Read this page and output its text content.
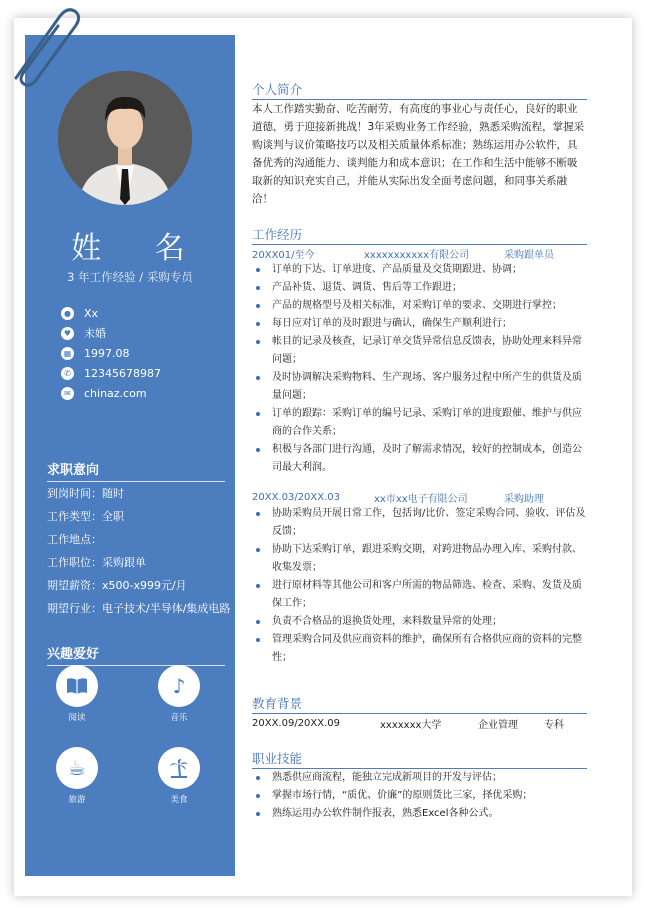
姓 名
3 年工作经验 / 采购专员
● Xx
♥ 未婚
▦ 1997.08
✆ 12345678987
✉ chinaz.com
求职意向
到岗时间：随时
工作类型：全职
工作地点：
工作职位：采购跟单
期望薪资：x500-x999元/月
期望行业：电子技术/半导体/集成电路
兴趣爱好
阅读
♪
音乐
☕
旅游	美食
个人简介

本人工作踏实勤奋、吃苦耐劳，有高度的事业心与责任心，良好的职业道德，勇于迎接新挑战！3年采购业务工作经验，熟悉采购流程，掌握采购谈判与议价策略技巧以及相关质量体系标准；熟练运用办公软件，具备优秀的沟通能力、谈判能力和成本意识；在工作和生活中能够不断吸取新的知识充实自己，并能从实际出发全面考虑问题，和同事关系融洽！

工作经历
20XX01/至今	xxxxxxxxxxx有限公司	采购跟单员
订单的下达、订单进度、产品质量及交货期跟进、协调；
产品补货、退货、调货、售后等工作跟进；
产品的规格型号及相关标准，对采购订单的要求、交期进行掌控；
每日应对订单的及时跟进与确认，确保生产顺利进行；
帐目的记录及核查，记录订单交货异常信息反馈表，协助处理来料异常问题；
及时协调解决采购物料、生产现场、客户服务过程中所产生的供货及质量问题；
订单的跟踪：采购订单的编号记录、采购订单的进度跟催、维护与供应商的合作关系；
积极与各部门进行沟通，及时了解需求情况，较好的控制成本，创造公司最大利润。
20XX.03/20XX.03	xx市xx电子有限公司	采购助理
协助采购员开展日常工作，包括询/比价、签定采购合同、验收、评估及反馈；
协助下达采购订单，跟进采购交期，对跨进物品办理入库、采购付款、收集发票；
进行原材料等其他公司和客户所需的物品筛选、检查、采购、发货及质保工作；
负责不合格品的退换货处理，来料数量异常的处理；
管理采购合同及供应商资料的维护，确保所有合格供应商的资料的完整性；
教育背景
20XX.09/20XX.09	xxxxxxx大学	企业管理	专科
职业技能
熟悉供应商流程，能独立完成新项目的开发与评估；
掌握市场行情，“质优、价廉”的原则货比三家，择优采购；
熟练运用办公软件制作报表，熟悉Excel各种公式。
